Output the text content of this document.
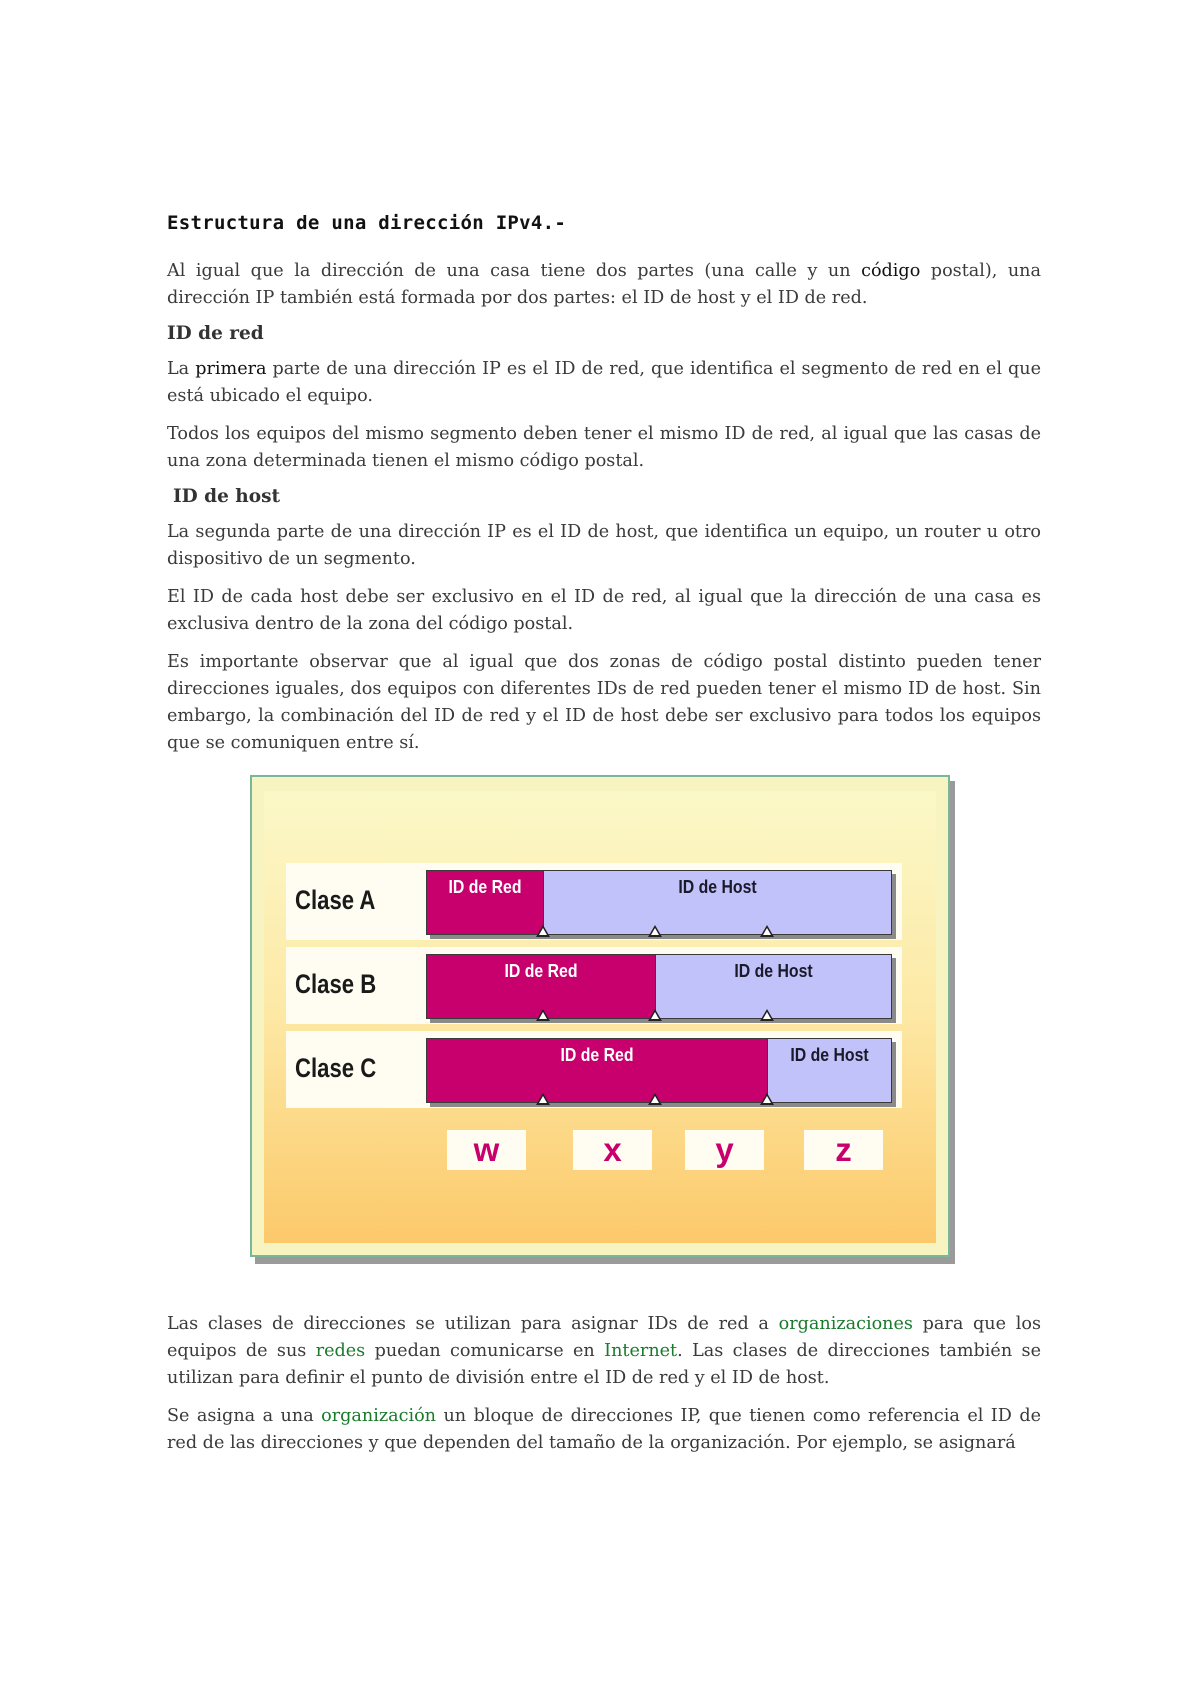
Estructura de una dirección IPv4.-

Al igual que la dirección de una casa tiene dos partes (una calle y un código postal), una dirección IP también está formada por dos partes: el ID de host y el ID de red.

ID de red

La primera parte de una dirección IP es el ID de red, que identifica el segmento de red en el que está ubicado el equipo.

Todos los equipos del mismo segmento deben tener el mismo ID de red, al igual que las casas de una zona determinada tienen el mismo código postal.

ID de host

La segunda parte de una dirección IP es el ID de host, que identifica un equipo, un router u otro dispositivo de un segmento.

El ID de cada host debe ser exclusivo en el ID de red, al igual que la dirección de una casa es exclusiva dentro de la zona del código postal.

Es importante observar que al igual que dos zonas de código postal distinto pueden tener direcciones iguales, dos equipos con diferentes IDs de red pueden tener el mismo ID de host. Sin embargo, la combinación del ID de red y el ID de host debe ser exclusivo para todos los equipos que se comuniquen entre sí.

Clase A	ID de Red	ID de Host
Clase B	ID de Red	ID de Host
Clase C	ID de Red	ID de Host
w	x	y	z

Las clases de direcciones se utilizan para asignar IDs de red a organizaciones para que los equipos de sus redes puedan comunicarse en Internet. Las clases de direcciones también se utilizan para definir el punto de división entre el ID de red y el ID de host.

Se asigna a una organización un bloque de direcciones IP, que tienen como referencia el ID de red de las direcciones y que dependen del tamaño de la organización. Por ejemplo, se asignará
